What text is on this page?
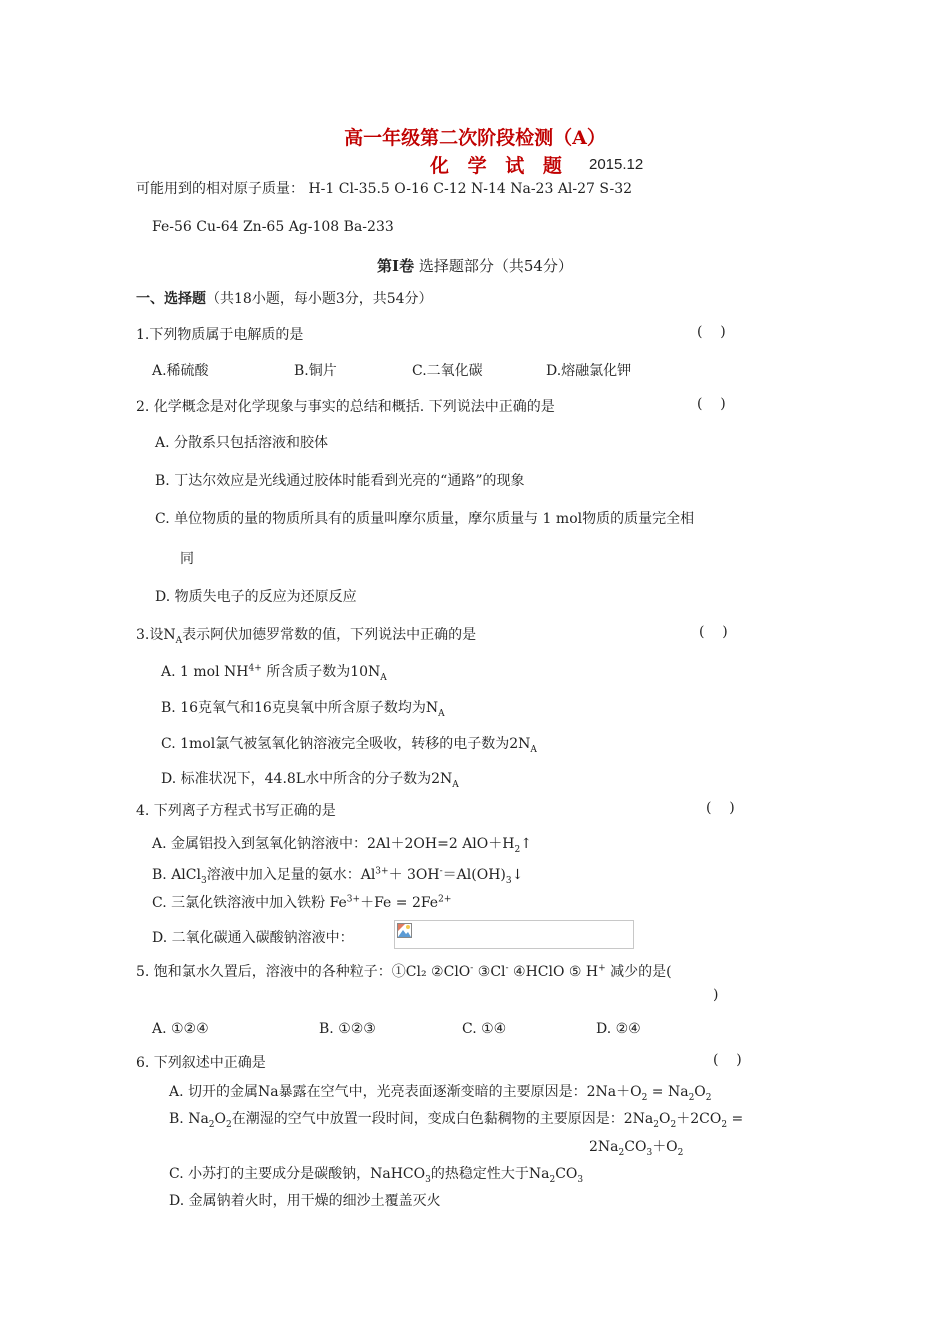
高一年级第二次阶段检测（A）
化 学 试 题 2015.12
可能用到的相对原子质量： H-1 Cl-35.5 O-16 C-12 N-14 Na-23 Al-27 S-32
Fe-56 Cu-64 Zn-65 Ag-108 Ba-233
第Ⅰ卷 选择题部分（共54分）
一、选择题（共18小题，每小题3分，共54分）
1.下列物质属于电解质的是	(    )
A.稀硫酸	B.铜片	C.二氧化碳	D.熔融氯化钾
2. 化学概念是对化学现象与事实的总结和概括. 下列说法中正确的是	(    )
A. 分散系只包括溶液和胶体
B. 丁达尔效应是光线通过胶体时能看到光亮的“通路”的现象
C. 单位物质的量的物质所具有的质量叫摩尔质量，摩尔质量与 1 mol物质的质量完全相
同
D. 物质失电子的反应为还原反应
3.设$N_A$表示阿伏加德罗常数的值，下列说法中正确的是	(    )
A. 1 mol $NH^{4+}$ 所含质子数为$10N_A$
B. 16克氧气和16克臭氧中所含原子数均为$N_A$
C. 1mol氯气被氢氧化钠溶液完全吸收，转移的电子数为$2N_A$
D. 标准状况下，44.8L水中所含的分子数为$2N_A$
4. 下列离子方程式书写正确的是	(    )
A. 金属铝投入到氢氧化钠溶液中：2Al＋2OH=2 $AlO+H_2↑$
B. AlCl$_3$溶液中加入足量的氨水：$Al^{3+}+$ $3OH^-=Al(OH)_3↓$
C. 三氯化铁溶液中加入铁粉 $Fe^{3+}+Fe = 2Fe^{2+}$
D. 二氧化碳通入碳酸钠溶液中：
5. 饱和氯水久置后，溶液中的各种粒子：①Cl₂ ②ClO- ③Cl- ④HClO ⑤ H+ 减少的是(
)
A. ①②④	B. ①②③	C. ①④	D. ②④
6. 下列叙述中正确是	(    )
A. 切开的金属Na暴露在空气中，光亮表面逐渐变暗的主要原因是：$2Na+O_2 = Na_2O_2$
B. $Na_2O_2$在潮湿的空气中放置一段时间，变成白色黏稠物的主要原因是：$2Na_2O_2+2CO_2$ =
$2Na_2CO_3+O_2$
C. 小苏打的主要成分是碳酸钠，NaHCO$_3$的热稳定性大于$Na_2CO_3$
D. 金属钠着火时，用干燥的细沙土覆盖灭火
